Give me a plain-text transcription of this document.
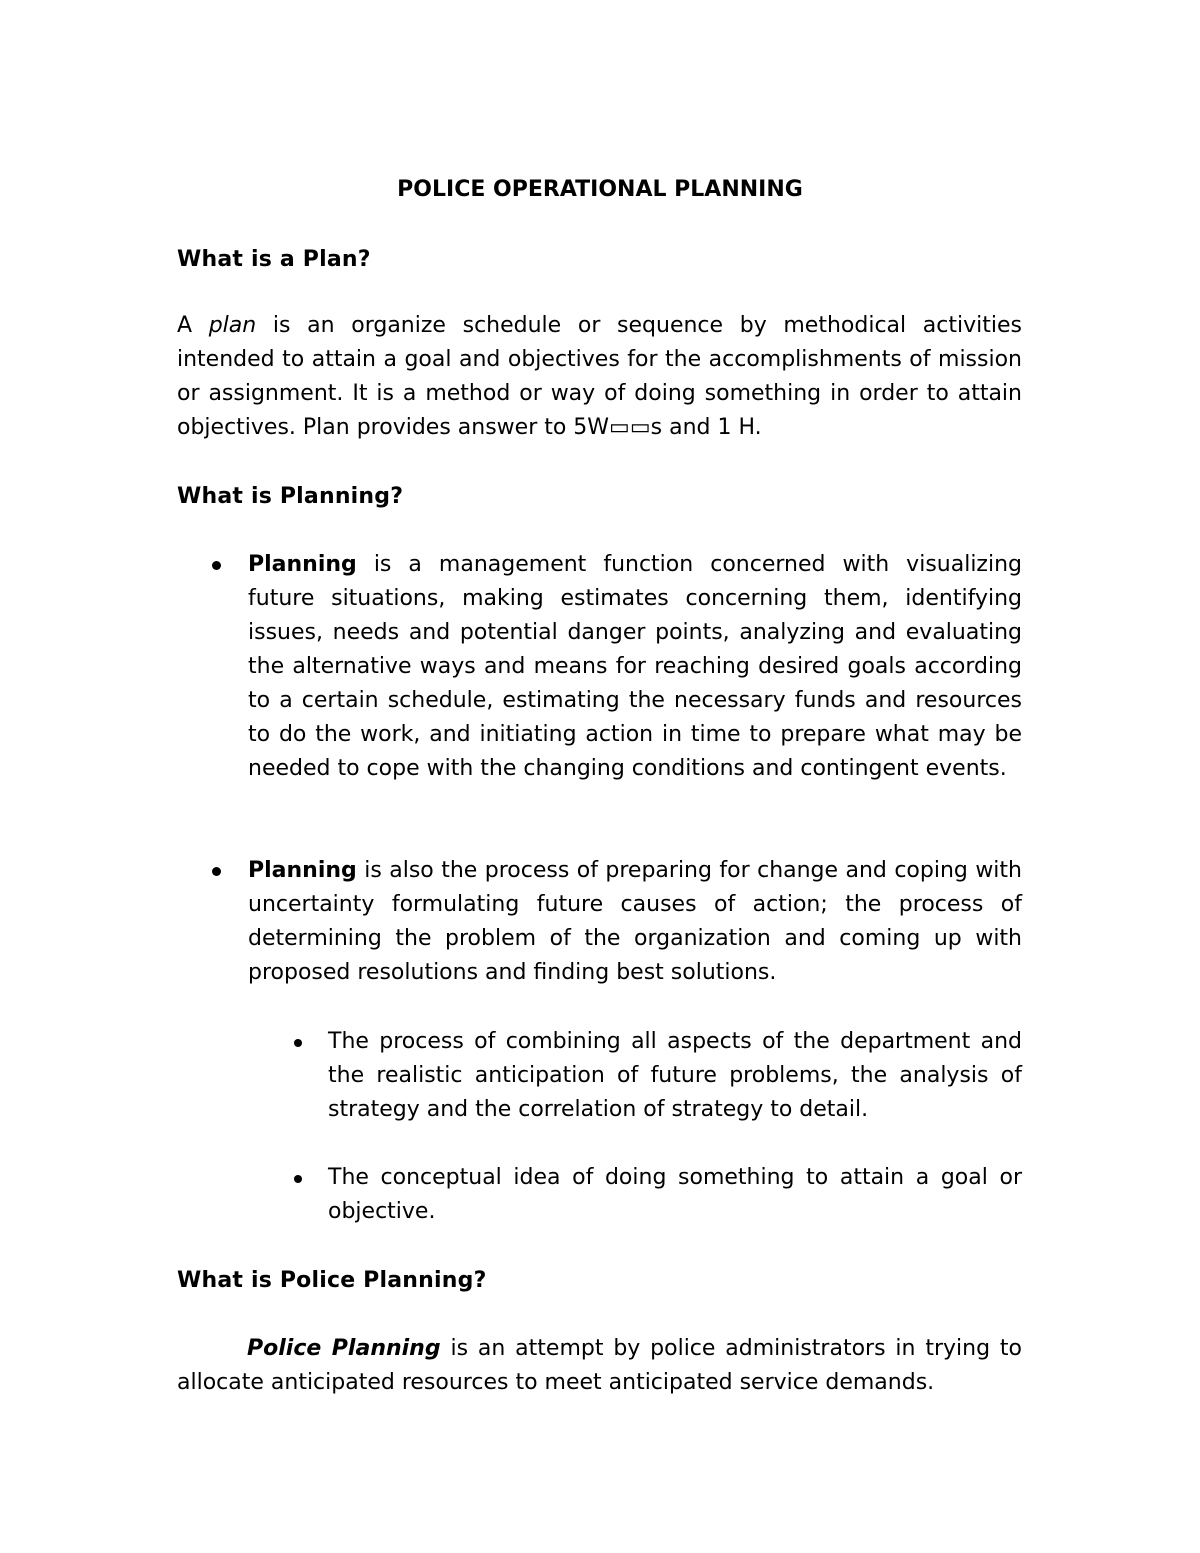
POLICE OPERATIONAL PLANNING
What is a Plan?

A plan is an organize schedule or sequence by methodical activities intended to attain a goal and objectives for the accomplishments of mission or assignment. It is a method or way of doing something in order to attain objectives. Plan provides answer to 5W▭▭s and 1 H.

What is Planning?

Planning is a management function concerned with visualizing future situations, making estimates concerning them, identifying issues, needs and potential danger points, analyzing and evaluating the alternative ways and means for reaching desired goals according to a certain schedule, estimating the necessary funds and resources to do the work, and initiating action in time to prepare what may be needed to cope with the changing conditions and contingent events.

Planning is also the process of preparing for change and coping with uncertainty formulating future causes of action; the process of determining the problem of the organization and coming up with proposed resolutions and finding best solutions.

The process of combining all aspects of the department and the realistic anticipation of future problems, the analysis of strategy and the correlation of strategy to detail.

The conceptual idea of doing something to attain a goal or objective.

What is Police Planning?

Police Planning is an attempt by police administrators in trying to allocate anticipated resources to meet anticipated service demands.
